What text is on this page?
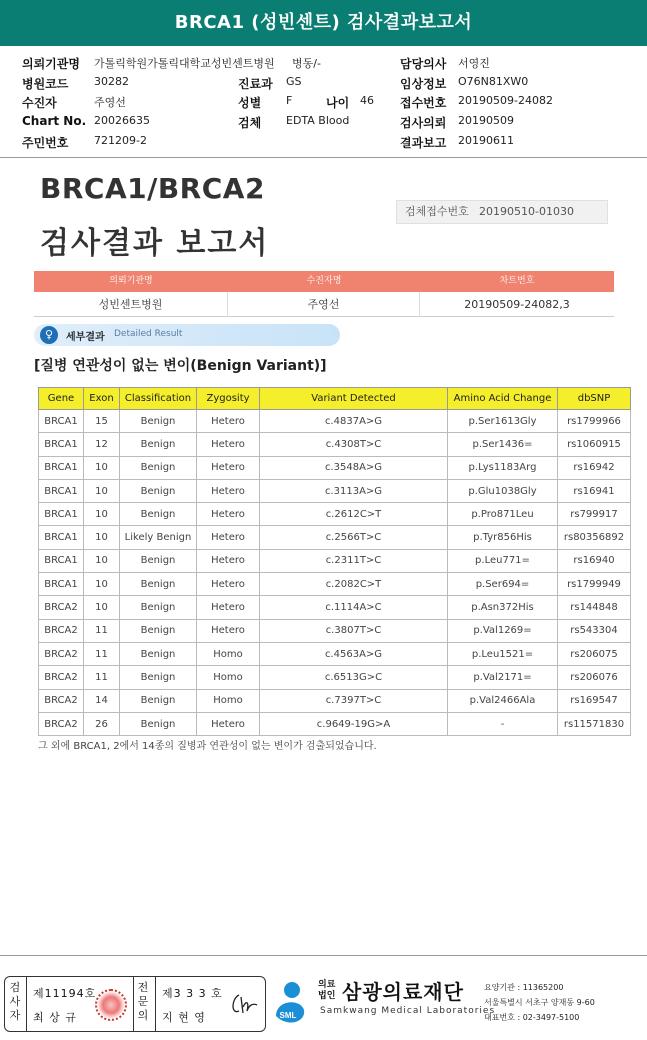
BRCA1 (성빈센트) 검사결과보고서
의뢰기관명 가톨릭학원가톨릭대학교성빈센트병원 병동/-	담당의사 서영진
병원코드 30282	진료과 GS	임상정보 O76N81XW0
수진자	주영선	성별 F	나이 46 접수번호 20190509-24082
Chart No. 20026635	검체 EDTA Blood	검사의뢰 20190509
주민번호 721209-2	결과보고 20190611
BRCA1/BRCA2
검사결과 보고서
검체접수번호 20190510-01030
의뢰기관명	수진자명	차트번호
성빈센트병원	주영선	20190509-24082,3
♀	세부결과 Detailed Result
[질병 연관성이 없는 변이(Benign Variant)]
Gene	Exon	Classification	Zygosity	Variant Detected	Amino Acid Change	dbSNP
BRCA1	15	Benign	Hetero	c.4837A>G	p.Ser1613Gly	rs1799966
BRCA1	12	Benign	Hetero	c.4308T>C	p.Ser1436=	rs1060915
BRCA1	10	Benign	Hetero	c.3548A>G	p.Lys1183Arg	rs16942
BRCA1	10	Benign	Hetero	c.3113A>G	p.Glu1038Gly	rs16941
BRCA1	10	Benign	Hetero	c.2612C>T	p.Pro871Leu	rs799917
BRCA1	10	Likely Benign	Hetero	c.2566T>C	p.Tyr856His	rs80356892
BRCA1	10	Benign	Hetero	c.2311T>C	p.Leu771=	rs16940
BRCA1	10	Benign	Hetero	c.2082C>T	p.Ser694=	rs1799949
BRCA2	10	Benign	Hetero	c.1114A>C	p.Asn372His	rs144848
BRCA2	11	Benign	Hetero	c.3807T>C	p.Val1269=	rs543304
BRCA2	11	Benign	Homo	c.4563A>G	p.Leu1521=	rs206075
BRCA2	11	Benign	Homo	c.6513G>C	p.Val2171=	rs206076
BRCA2	14	Benign	Homo	c.7397T>C	p.Val2466Ala	rs169547
BRCA2	26	Benign	Hetero	c.9649-19G>A	-	rs11571830
그 외에 BRCA1, 2에서 14종의 질병과 연관성이 없는 변이가 검출되었습니다.
검사자
제11194호
최 상 규
전문의
제3 3 3 호
지 현 영	SML
의료법인 삼광의료재단
Samkwang Medical Laboratories
요양기관 : 11365200
서울특별시 서초구 양재동 9-60
대표번호 : 02-3497-5100
